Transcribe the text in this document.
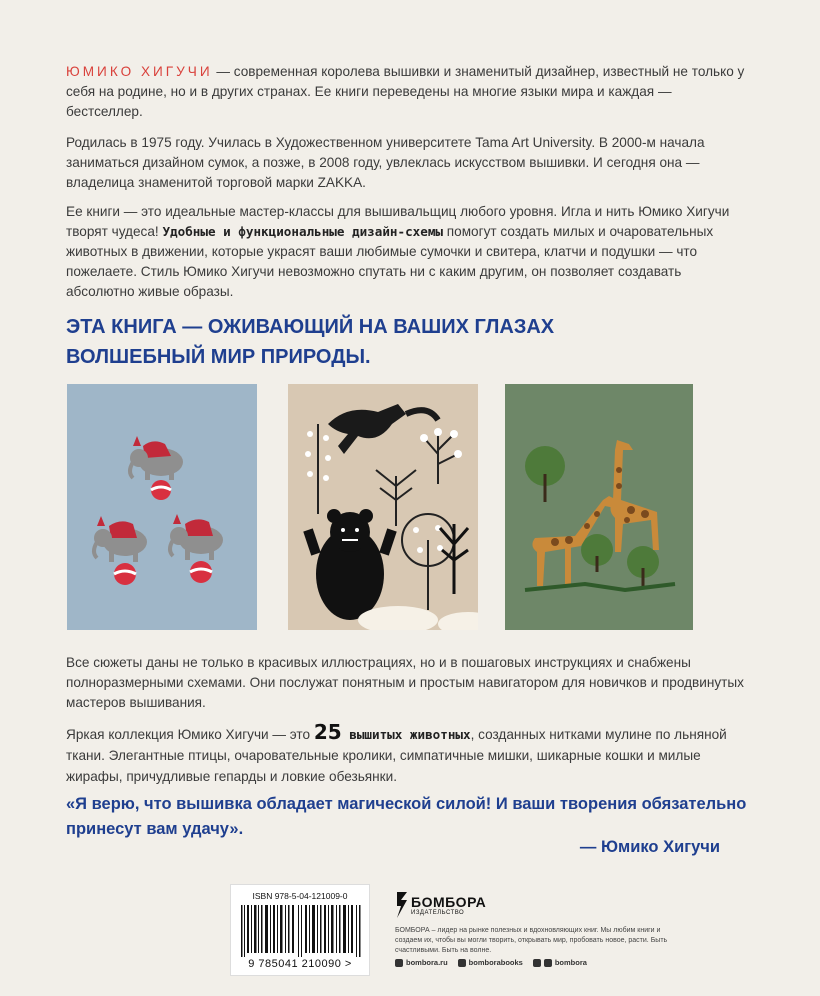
ЮМИКО ХИГУЧИ — современная королева вышивки и знаменитый дизайнер, известный не только у себя на родине, но и в других странах. Ее книги переведены на многие языки мира и каждая — бестселлер.

Родилась в 1975 году. Училась в Художественном университете Tama Art University. В 2000-м начала заниматься дизайном сумок, а позже, в 2008 году, увлеклась искусством вышивки. И сегодня она — владелица знаменитой торговой марки ZAKKA.

Ее книги — это идеальные мастер-классы для вышивальщиц любого уровня. Игла и нить Юмико Хигучи творят чудеса! Удобные и функциональные дизайн-схемы помогут создать милых и очаровательных животных в движении, которые украсят ваши любимые сумочки и свитера, клатчи и подушки — что пожелаете. Стиль Юмико Хигучи невозможно спутать ни с каким другим, он позволяет создавать абсолютно живые образы.

ЭТА КНИГА — ОЖИВАЮЩИЙ НА ВАШИХ ГЛАЗАХ
ВОЛШЕБНЫЙ МИР ПРИРОДЫ.

Все сюжеты даны не только в красивых иллюстрациях, но и в пошаговых инструкциях и снабжены полноразмерными схемами. Они послужат понятным и простым навигатором для новичков и продвинутых мастеров вышивания.

Яркая коллекция Юмико Хигучи — это 25 вышитых животных, созданных нитками мулине по льняной ткани. Элегантные птицы, очаровательные кролики, симпатичные мишки, шикарные кошки и милые жирафы, причудливые гепарды и ловкие обезьянки.

«Я верю, что вышивка обладает магической силой! И ваши творения обязательно принесут вам удачу».

— Юмико Хигучи

ISBN 978-5-04-121009-0
9 785041 210090 >
БОМБОРА
ИЗДАТЕЛЬСТВО
БОМБОРА – лидер на рынке полезных и вдохновляющих книг. Мы любим книги и создаем их, чтобы вы могли творить, открывать мир, пробовать новое, расти. Быть счастливыми. Быть на волне.
bombora.ru	bomborabooks	bombora
